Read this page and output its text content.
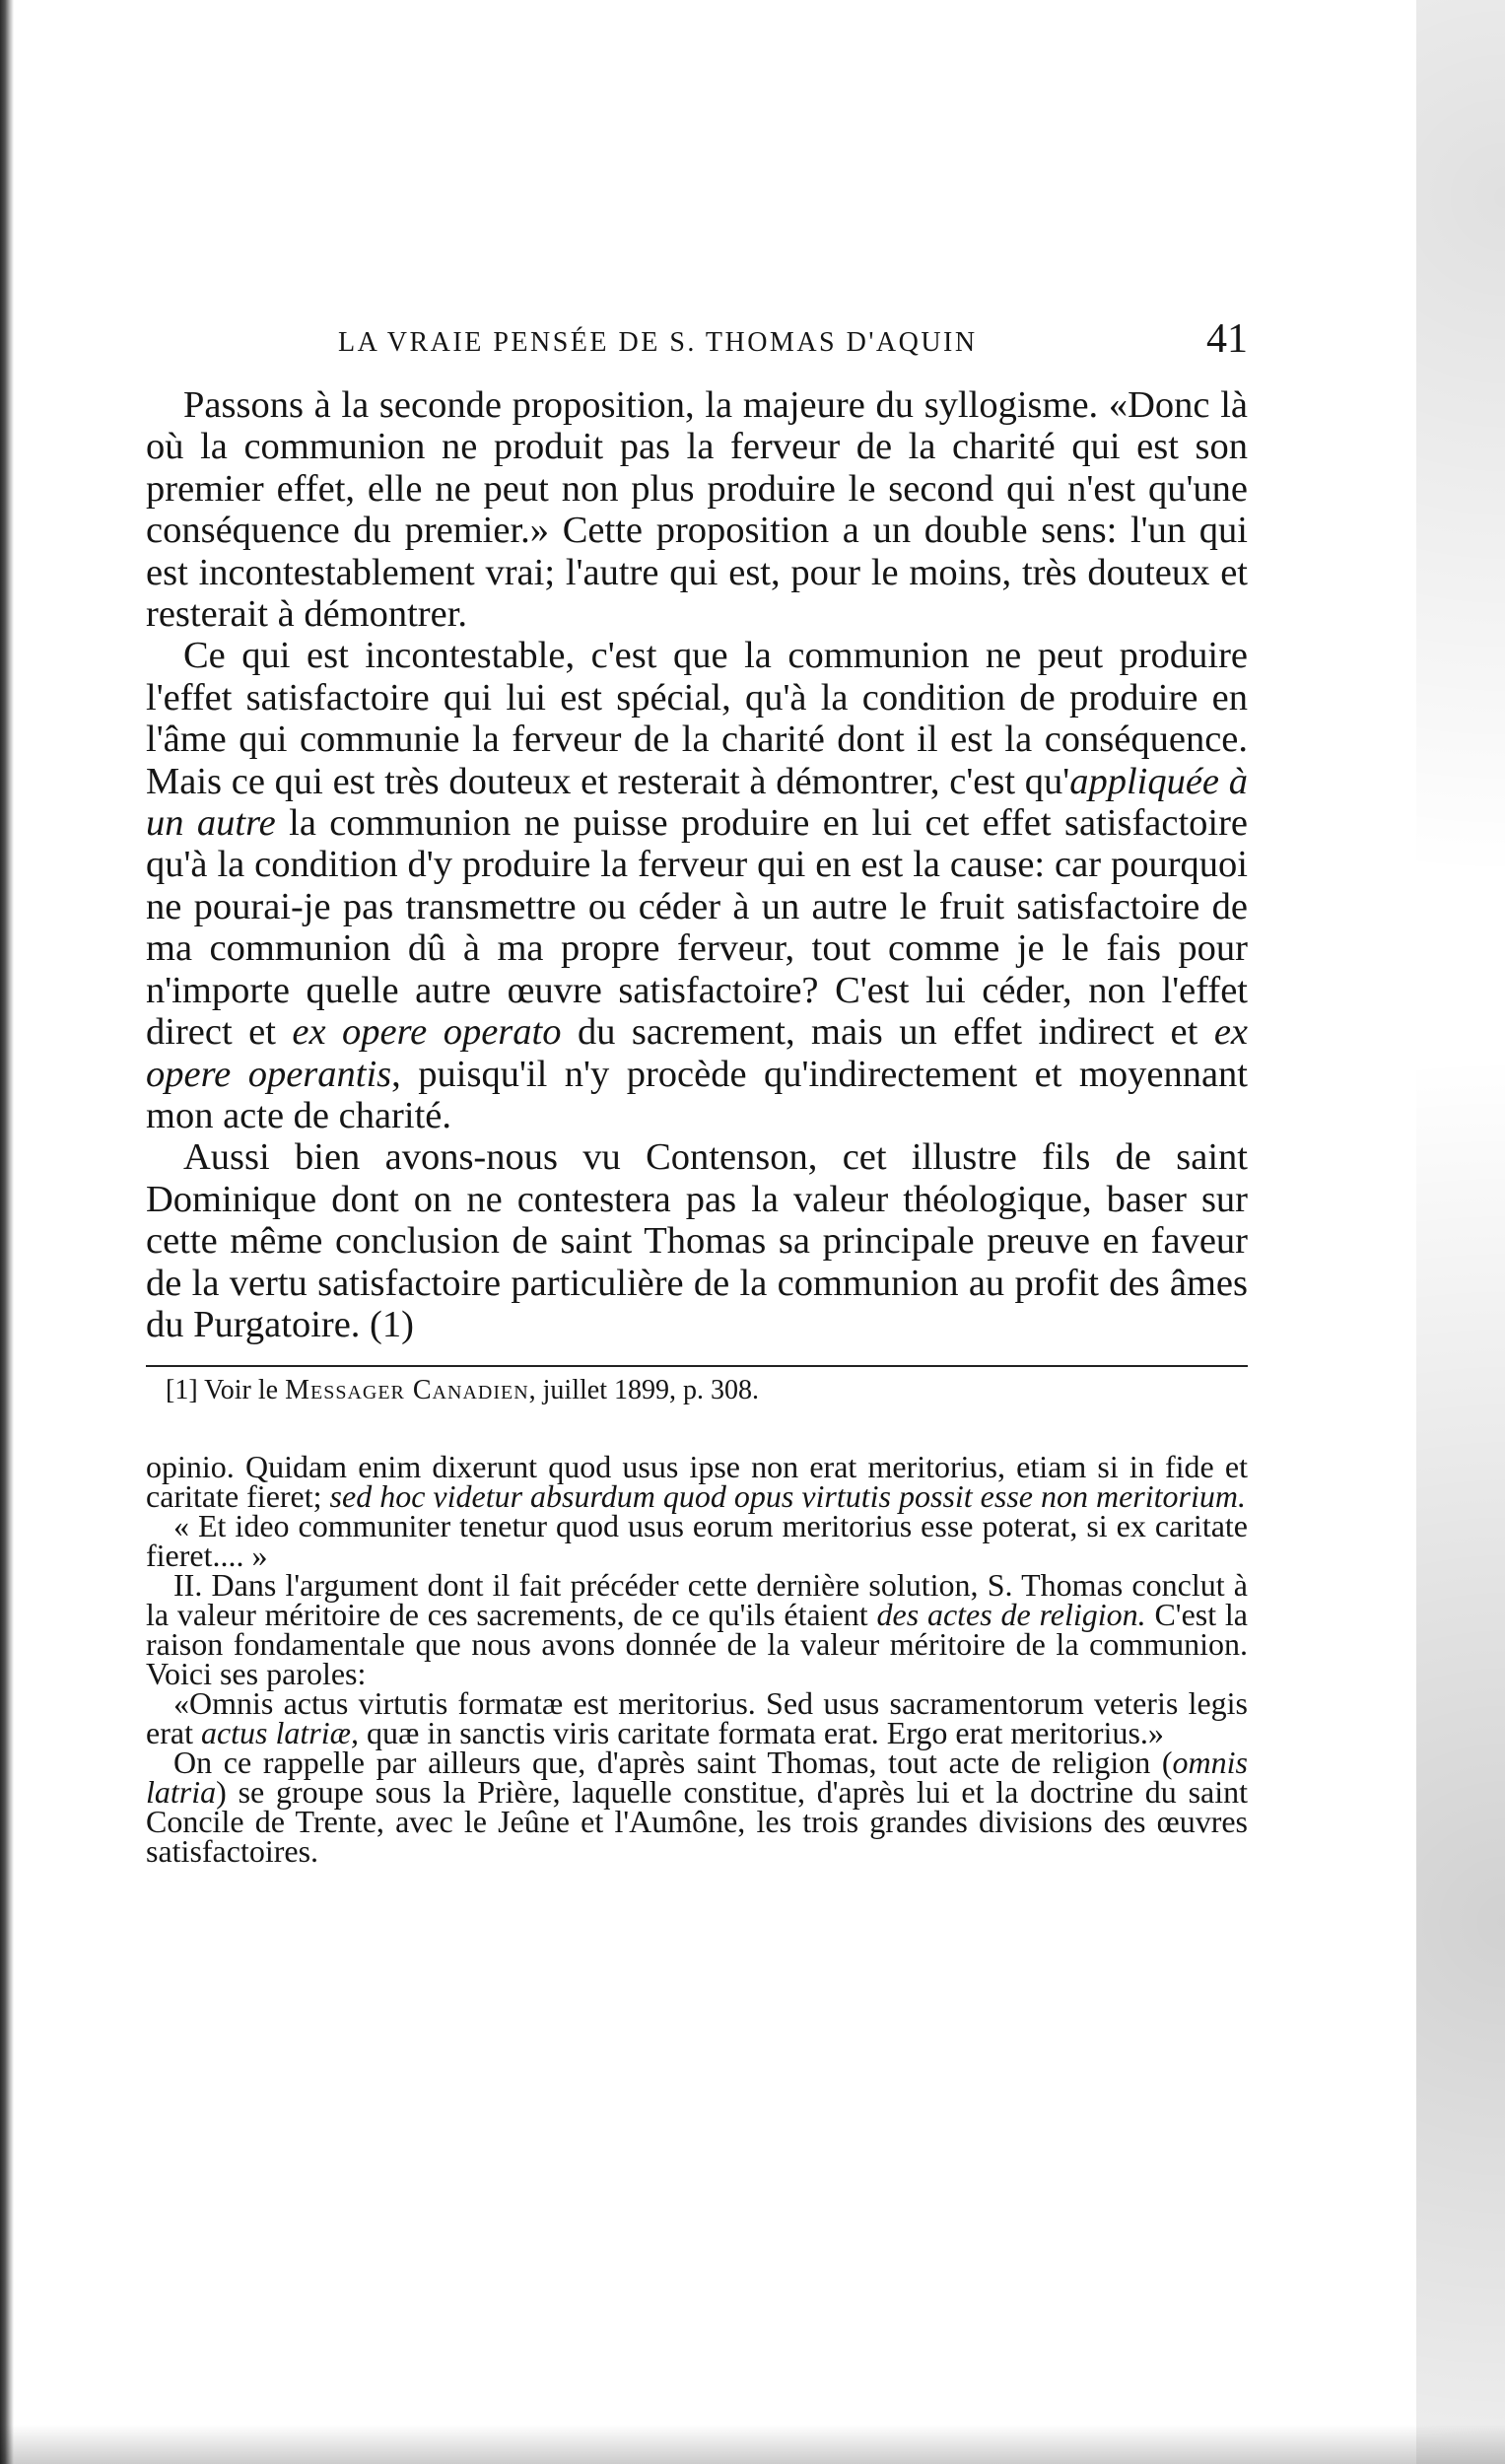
LA VRAIE PENSÉE DE S. THOMAS D'AQUIN	41

Passons à la seconde proposition, la majeure du syllogisme. «Donc là où la communion ne produit pas la ferveur de la charité qui est son premier effet, elle ne peut non plus produire le second qui n'est qu'une conséquence du premier.» Cette proposition a un double sens: l'un qui est incontestablement vrai; l'autre qui est, pour le moins, très douteux et resterait à démontrer.

Ce qui est incontestable, c'est que la communion ne peut produire l'effet satisfactoire qui lui est spécial, qu'à la condition de produire en l'âme qui communie la ferveur de la charité dont il est la conséquence. Mais ce qui est très douteux et resterait à démontrer, c'est qu'appliquée à un autre la communion ne puisse produire en lui cet effet satisfactoire qu'à la condition d'y produire la ferveur qui en est la cause: car pourquoi ne pourai-je pas transmettre ou céder à un autre le fruit satisfactoire de ma communion dû à ma propre ferveur, tout comme je le fais pour n'importe quelle autre œuvre satisfactoire? C'est lui céder, non l'effet direct et ex opere operato du sacrement, mais un effet indirect et ex opere operantis, puisqu'il n'y procède qu'indirectement et moyennant mon acte de charité.

Aussi bien avons-nous vu Contenson, cet illustre fils de saint Dominique dont on ne contestera pas la valeur théologique, baser sur cette même conclusion de saint Thomas sa principale preuve en faveur de la vertu satisfactoire particulière de la communion au profit des âmes du Purgatoire. (1)

[1] Voir le Messager Canadien, juillet 1899, p. 308.

opinio. Quidam enim dixerunt quod usus ipse non erat meritorius, etiam si in fide et caritate fieret; sed hoc videtur absurdum quod opus virtutis possit esse non meritorium.

« Et ideo communiter tenetur quod usus eorum meritorius esse poterat, si ex caritate fieret.... »

II. Dans l'argument dont il fait précéder cette dernière solution, S. Thomas conclut à la valeur méritoire de ces sacrements, de ce qu'ils étaient des actes de religion. C'est la raison fondamentale que nous avons donnée de la valeur méritoire de la communion. Voici ses paroles:

«Omnis actus virtutis formatæ est meritorius. Sed usus sacramentorum veteris legis erat actus latriæ, quæ in sanctis viris caritate formata erat. Ergo erat meritorius.»

On ce rappelle par ailleurs que, d'après saint Thomas, tout acte de religion (omnis latria) se groupe sous la Prière, laquelle constitue, d'après lui et la doctrine du saint Concile de Trente, avec le Jeûne et l'Aumône, les trois grandes divisions des œuvres satisfactoires.
